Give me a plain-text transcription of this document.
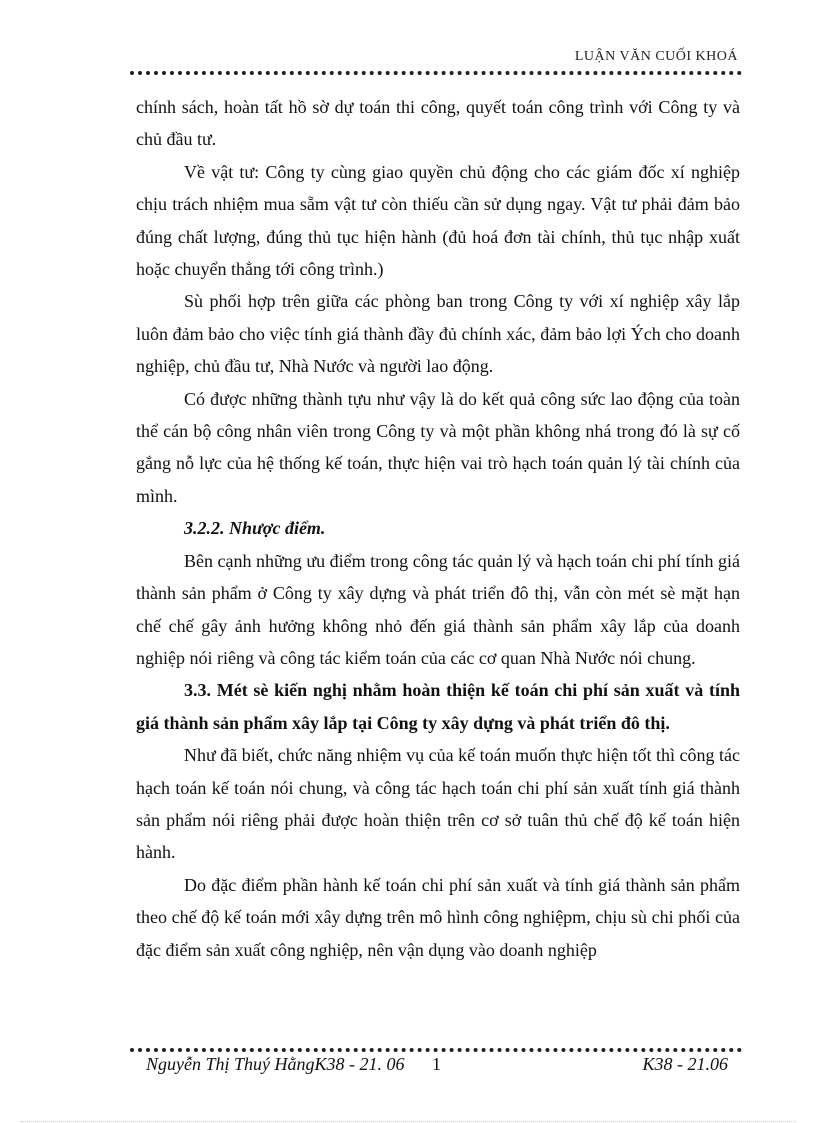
LUẬN VĂN CUỐI KHOÁ

chính sách, hoàn tất hồ sờ dự toán thi công, quyết toán công trình với Công ty và chủ đầu tư.

Về vật tư: Công ty cùng giao quyền chủ động cho các giám đốc xí nghiệp chịu trách nhiệm mua sẵm vật tư còn thiếu cần sử dụng ngay. Vật tư phải đảm bảo đúng chất lượng, đúng thủ tục hiện hành (đủ hoá đơn tài chính, thủ tục nhập xuất hoặc chuyển thẳng tới công trình.)

Sù phối hợp trên giữa các phòng ban trong Công ty với xí nghiệp xây lắp luôn đảm bảo cho việc tính giá thành đầy đủ chính xác, đảm bảo lợi Ých cho doanh nghiệp, chủ đầu tư, Nhà Nước và người lao động.

Có được những thành tựu như vậy là do kết quả công sức lao động của toàn thể cán bộ công nhân viên trong Công ty và một phần không nhá trong đó là sự cố gắng nỗ lực của hệ thống kế toán, thực hiện vai trò hạch toán quản lý tài chính của mình.

3.2.2. Nhược điểm.

Bên cạnh những ưu điểm trong công tác quản lý và hạch toán chi phí tính giá thành sản phẩm ở Công ty xây dựng và phát triển đô thị, vẫn còn mét sè mặt hạn chế chế gây ảnh hưởng không nhỏ đến giá thành sản phẩm xây lắp của doanh nghiệp nói riêng và công tác kiểm toán của các cơ quan Nhà Nước nói chung.

3.3. Mét sè kiến nghị nhằm hoàn thiện kế toán chi phí sản xuất và tính giá thành sản phẩm xây lắp tại Công ty xây dựng và phát triển đô thị.

Như đã biết, chức năng nhiệm vụ của kế toán muốn thực hiện tốt thì công tác hạch toán kế toán nói chung, và công tác hạch toán chi phí sản xuất tính giá thành sản phẩm nói riêng phải được hoàn thiện trên cơ sở tuân thủ chế độ kế toán hiện hành.

Do đặc điểm phần hành kế toán chi phí sản xuất và tính giá thành sản phẩm theo chế độ kế toán mới xây dựng trên mô hình công nghiệpm, chịu sù chi phối của đặc điểm sản xuất công nghiệp, nên vận dụng vào doanh nghiệp

Nguyễn Thị Thuý HằngK38 - 21. 06 1	K38 - 21.06
